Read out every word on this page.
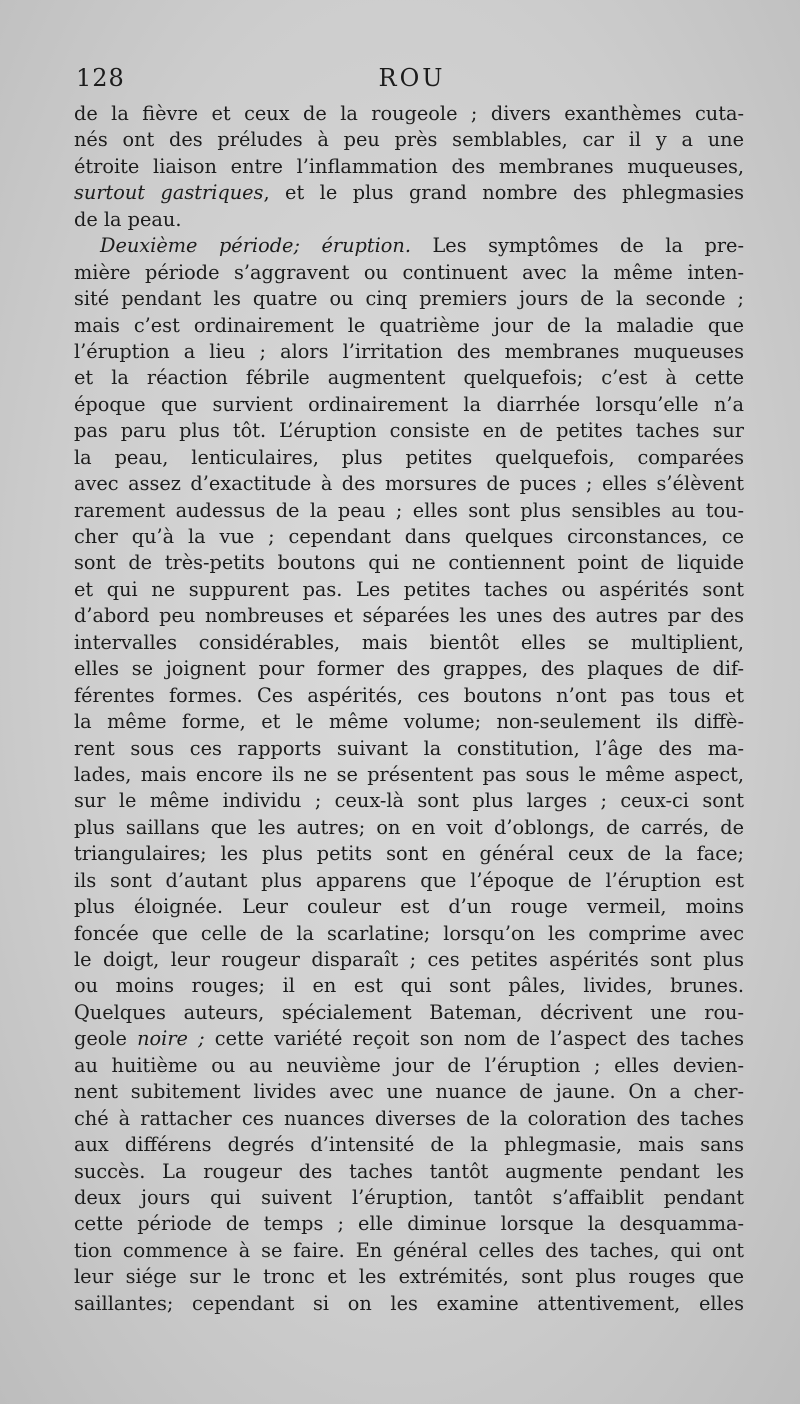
128	ROU
de la fièvre et ceux de la rougeole ; divers exanthèmes cuta-
nés ont des préludes à peu près semblables, car il y a une
étroite liaison entre l’inflammation des membranes muqueuses,
surtout gastriques, et le plus grand nombre des phlegmasies
de la peau.
Deuxième période; éruption. Les symptômes de la pre-
mière période s’aggravent ou continuent avec la même inten-
sité pendant les quatre ou cinq premiers jours de la seconde ;
mais c’est ordinairement le quatrième jour de la maladie que
l’éruption a lieu ; alors l’irritation des membranes muqueuses
et la réaction fébrile augmentent quelquefois; c’est à cette
époque que survient ordinairement la diarrhée lorsqu’elle n’a
pas paru plus tôt. L’éruption consiste en de petites taches sur
la peau, lenticulaires, plus petites quelquefois, comparées
avec assez d’exactitude à des morsures de puces ; elles s’élèvent
rarement audessus de la peau ; elles sont plus sensibles au tou-
cher qu’à la vue ; cependant dans quelques circonstances, ce
sont de très-petits boutons qui ne contiennent point de liquide
et qui ne suppurent pas. Les petites taches ou aspérités sont
d’abord peu nombreuses et séparées les unes des autres par des
intervalles considérables, mais bientôt elles se multiplient,
elles se joignent pour former des grappes, des plaques de dif-
férentes formes. Ces aspérités, ces boutons n’ont pas tous et
la même forme, et le même volume; non-seulement ils diffè-
rent sous ces rapports suivant la constitution, l’âge des ma-
lades, mais encore ils ne se présentent pas sous le même aspect,
sur le même individu ; ceux-là sont plus larges ; ceux-ci sont
plus saillans que les autres; on en voit d’oblongs, de carrés, de
triangulaires; les plus petits sont en général ceux de la face;
ils sont d’autant plus apparens que l’époque de l’éruption est
plus éloignée. Leur couleur est d’un rouge vermeil, moins
foncée que celle de la scarlatine; lorsqu’on les comprime avec
le doigt, leur rougeur disparaît ; ces petites aspérités sont plus
ou moins rouges; il en est qui sont pâles, livides, brunes.
Quelques auteurs, spécialement Bateman, décrivent une rou-
geole noire ; cette variété reçoit son nom de l’aspect des taches
au huitième ou au neuvième jour de l’éruption ; elles devien-
nent subitement livides avec une nuance de jaune. On a cher-
ché à rattacher ces nuances diverses de la coloration des taches
aux différens degrés d’intensité de la phlegmasie, mais sans
succès. La rougeur des taches tantôt augmente pendant les
deux jours qui suivent l’éruption, tantôt s’affaiblit pendant
cette période de temps ; elle diminue lorsque la desquamma-
tion commence à se faire. En général celles des taches, qui ont
leur siége sur le tronc et les extrémités, sont plus rouges que
saillantes; cependant si on les examine attentivement, elles
